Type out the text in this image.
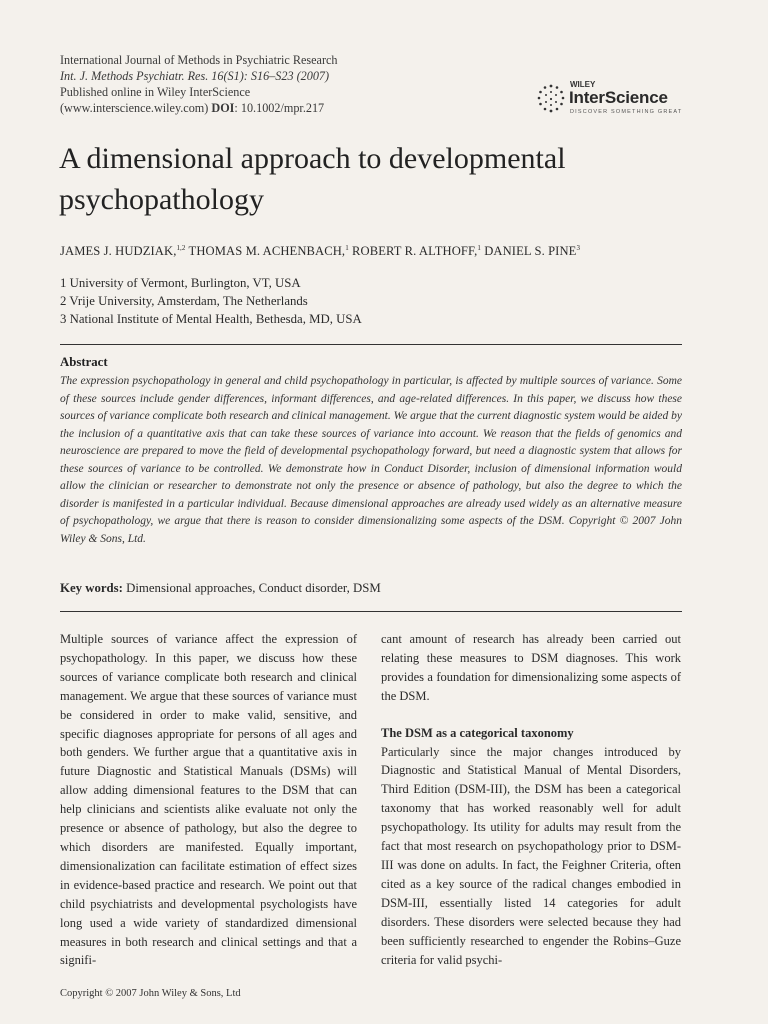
International Journal of Methods in Psychiatric Research
Int. J. Methods Psychiatr. Res. 16(S1): S16–S23 (2007)
Published online in Wiley InterScience
(www.interscience.wiley.com) DOI: 10.1002/mpr.217
WILEY
InterScience
DISCOVER SOMETHING GREAT
A dimensional approach to developmental psychopathology
JAMES J. HUDZIAK,$^{1,2}$ THOMAS M. ACHENBACH,$^1$ ROBERT R. ALTHOFF,$^1$ DANIEL S. PINE$^3$
1 University of Vermont, Burlington, VT, USA
2 Vrije University, Amsterdam, The Netherlands
3 National Institute of Mental Health, Bethesda, MD, USA
Abstract
The expression psychopathology in general and child psychopathology in particular, is affected by multiple sources of variance. Some of these sources include gender differences, informant differences, and age-related differences. In this paper, we discuss how these sources of variance complicate both research and clinical management. We argue that the current diagnostic system would be aided by the inclusion of a quantitative axis that can take these sources of variance into account. We reason that the fields of genomics and neuroscience are prepared to move the field of developmental psychopathology forward, but need a diagnostic system that allows for these sources of variance to be controlled. We demonstrate how in Conduct Disorder, inclusion of dimensional information would allow the clinician or researcher to demonstrate not only the presence or absence of pathology, but also the degree to which the disorder is manifested in a particular individual. Because dimensional approaches are already used widely as an alternative measure of psychopathology, we argue that there is reason to consider dimensionalizing some aspects of the DSM. Copyright © 2007 John Wiley & Sons, Ltd.
Key words: Dimensional approaches, Conduct disorder, DSM

Multiple sources of variance affect the expression of psychopathology. In this paper, we discuss how these sources of variance complicate both research and clinical management. We argue that these sources of variance must be considered in order to make valid, sensitive, and specific diagnoses appropriate for persons of all ages and both genders. We further argue that a quantitative axis in future Diagnostic and Statistical Manuals (DSMs) will allow adding dimensional features to the DSM that can help clinicians and scientists alike evaluate not only the presence or absence of pathology, but also the degree to which disorders are manifested. Equally important, dimensionalization can facilitate estimation of effect sizes in evidence-based practice and research. We point out that child psychiatrists and developmental psychologists have long used a wide variety of standardized dimensional measures in both research and clinical settings and that a signifi-

cant amount of research has already been carried out relating these measures to DSM diagnoses. This work provides a foundation for dimensionalizing some aspects of the DSM.

The DSM as a categorical taxonomy

Particularly since the major changes introduced by Diagnostic and Statistical Manual of Mental Disorders, Third Edition (DSM-III), the DSM has been a categorical taxonomy that has worked reasonably well for adult psychopathology. Its utility for adults may result from the fact that most research on psychopathology prior to DSM-III was done on adults. In fact, the Feighner Criteria, often cited as a key source of the radical changes embodied in DSM-III, essentially listed 14 categories for adult disorders. These disorders were selected because they had been sufficiently researched to engender the Robins–Guze criteria for valid psychi-

Copyright © 2007 John Wiley & Sons, Ltd
